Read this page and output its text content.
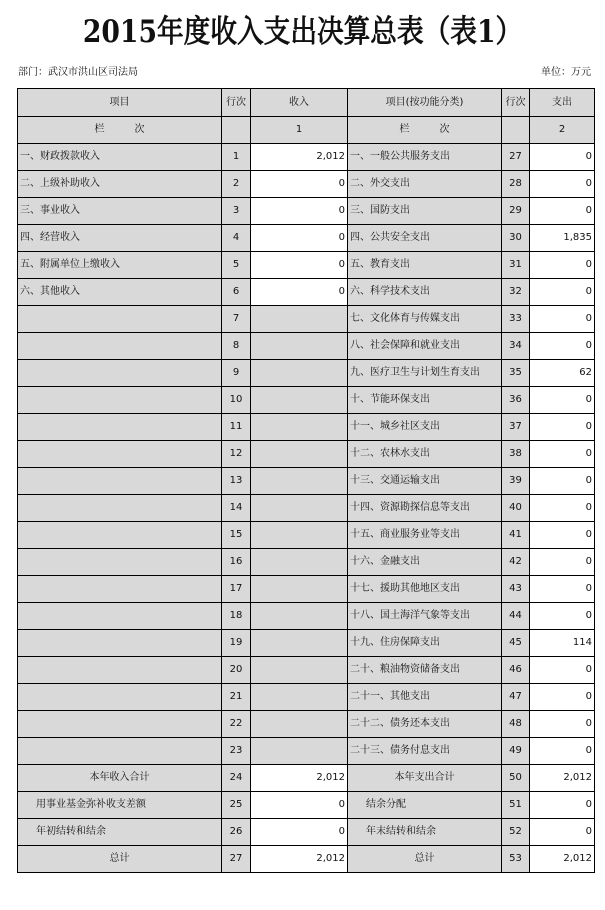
2015年度收入支出决算总表（表1）
部门：武汉市洪山区司法局	单位：万元
项目	行次	收入	项目(按功能分类)	行次	支出
栏　　　次		1	栏　　　次		2
一、财政拨款收入	1	2,012	一、一般公共服务支出	27	0
二、上级补助收入	2	0	二、外交支出	28	0
三、事业收入	3	0	三、国防支出	29	0
四、经营收入	4	0	四、公共安全支出	30	1,835
五、附属单位上缴收入	5	0	五、教育支出	31	0
六、其他收入	6	0	六、科学技术支出	32	0
	7		七、文化体育与传媒支出	33	0
	8		八、社会保障和就业支出	34	0
	9		九、医疗卫生与计划生育支出	35	62
	10		十、节能环保支出	36	0
	11		十一、城乡社区支出	37	0
	12		十二、农林水支出	38	0
	13		十三、交通运输支出	39	0
	14		十四、资源勘探信息等支出	40	0
	15		十五、商业服务业等支出	41	0
	16		十六、金融支出	42	0
	17		十七、援助其他地区支出	43	0
	18		十八、国土海洋气象等支出	44	0
	19		十九、住房保障支出	45	114
	20		二十、粮油物资储备支出	46	0
	21		二十一、其他支出	47	0
	22		二十二、债务还本支出	48	0
	23		二十三、债务付息支出	49	0
本年收入合计	24	2,012	本年支出合计	50	2,012
用事业基金弥补收支差额	25	0	结余分配	51	0
年初结转和结余	26	0	年末结转和结余	52	0
总计	27	2,012	总计	53	2,012
